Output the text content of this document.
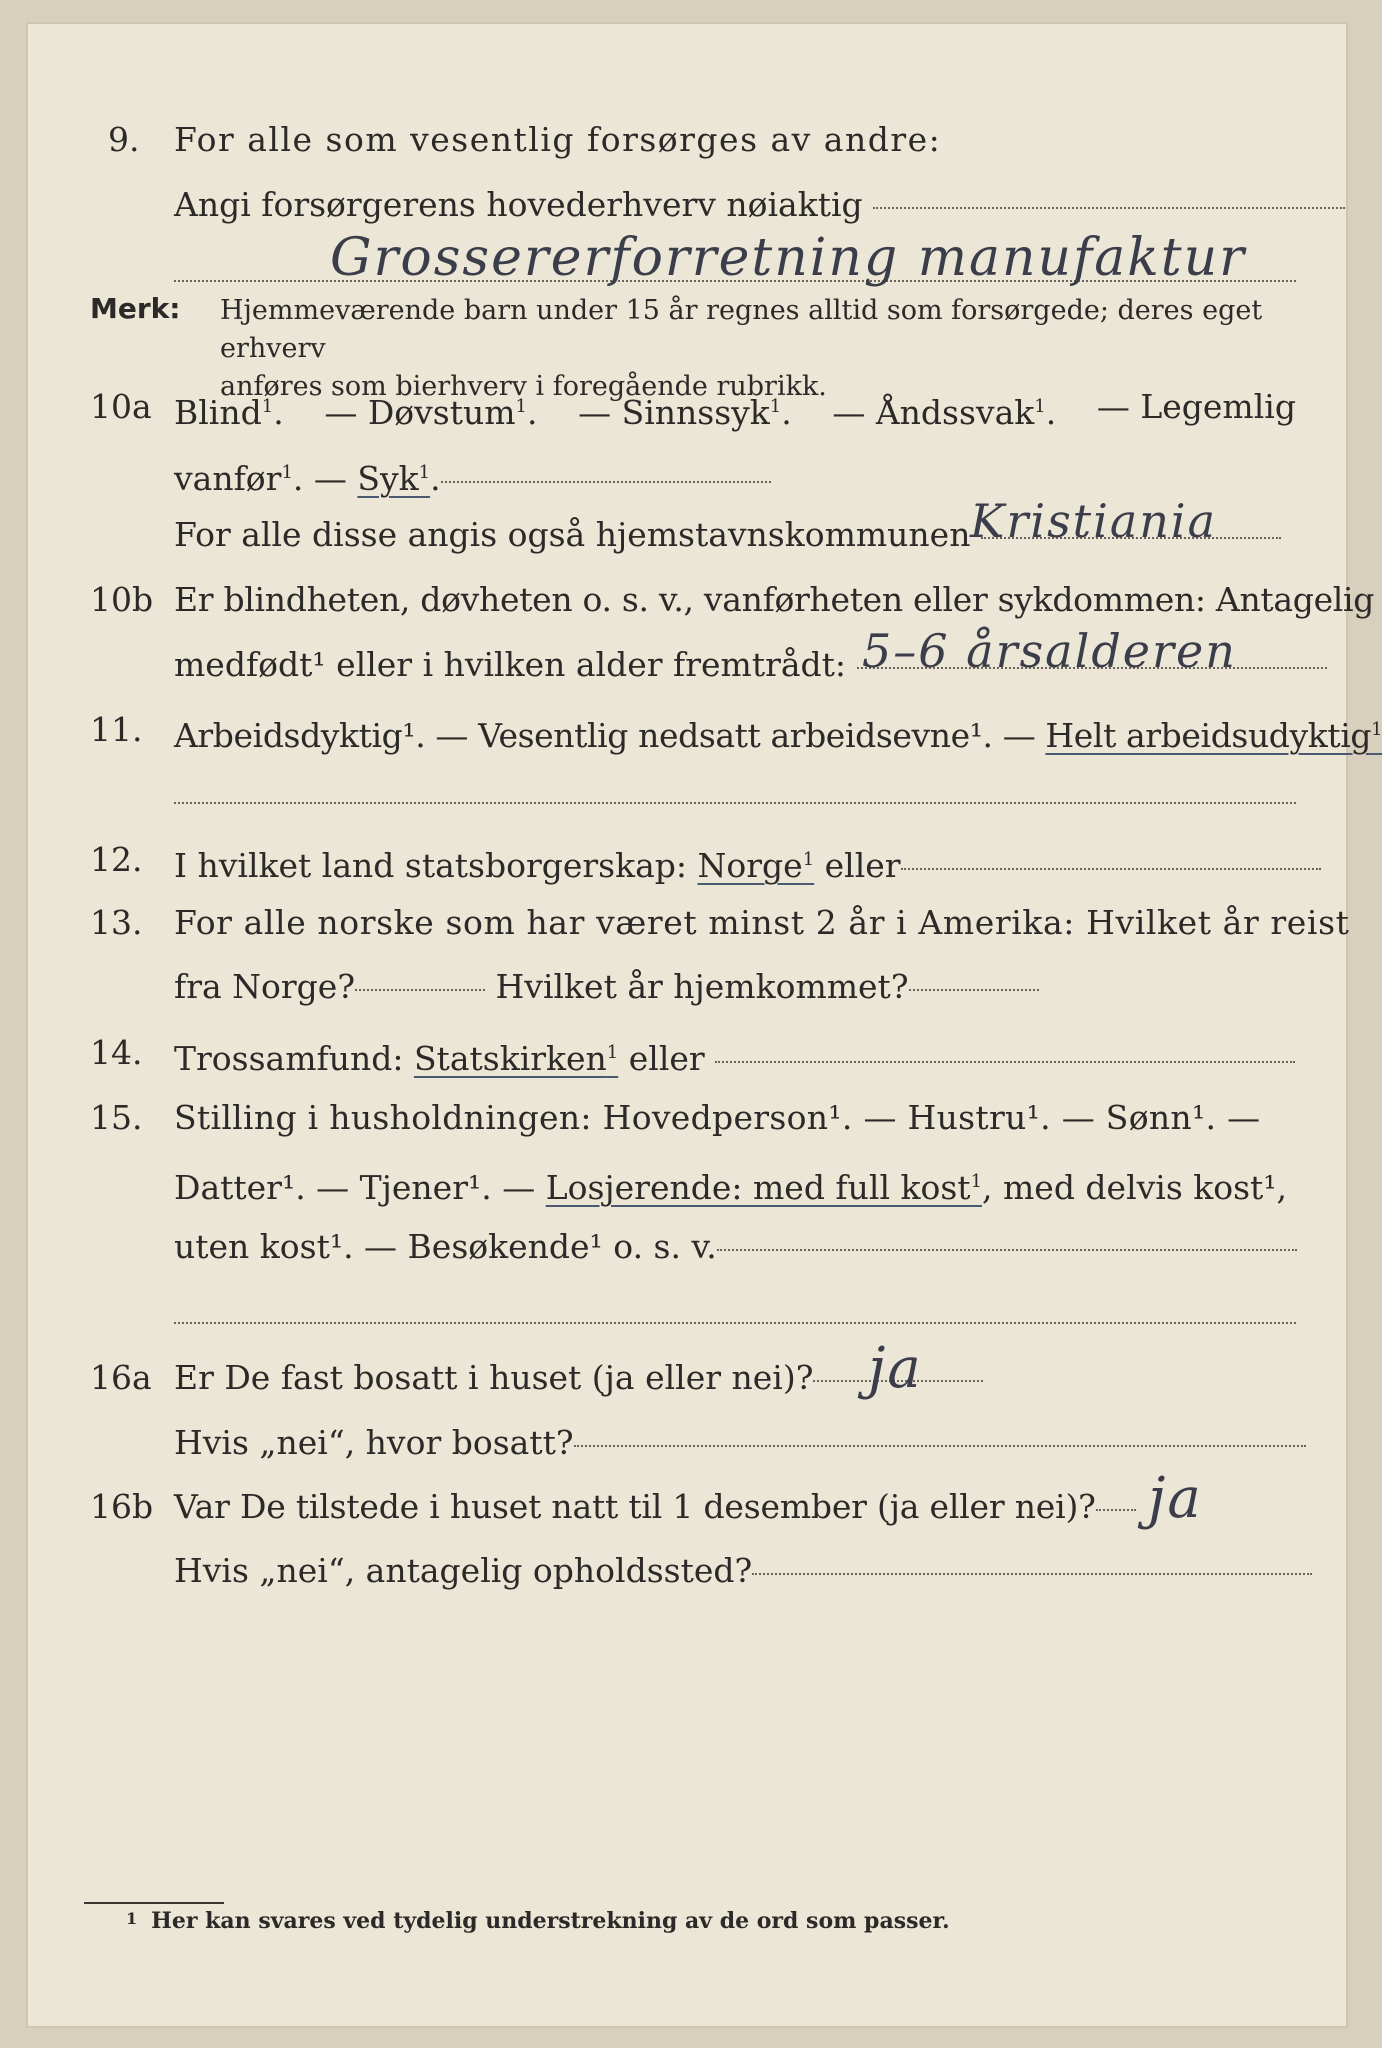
9.	For alle som vesentlig forsørges av andre:
Angi forsørgerens hovederhverv nøiaktig
Grossererforretning manufaktur
Merk: Hjemmeværende barn under 15 år regnes alltid som forsørgede; deres eget erhverv
anføres som bierhverv i foregående rubrikk.
10a Blind$^1$. — Døvstum$^1$. — Sinnssyk$^1$. — Åndssvak$^1$. — Legemlig
vanfør$^1$. — Syk$^1$.
For alle disse angis også hjemstavnskommunen Kristiania
10b Er blindheten, døvheten o. s. v., vanførheten eller sykdommen: Antagelig
medfødt¹ eller i hvilken alder fremtrådt: 5–6 årsalderen
11. Arbeidsdyktig¹. — Vesentlig nedsatt arbeidsevne¹. — Helt arbeidsudyktig$^1$
12. I hvilket land statsborgerskap: Norge$^1$ eller
13. For alle norske som har været minst 2 år i Amerika: Hvilket år reist
fra Norge?	Hvilket år hjemkommet?
14. Trossamfund: Statskirken$^1$ eller
15. Stilling i husholdningen: Hovedperson¹. — Hustru¹. — Sønn¹. —
Datter¹. — Tjener¹. — Losjerende: med full kost$^1$, med delvis kost¹,
uten kost¹. — Besøkende¹ o. s. v.
16a Er De fast bosatt i huset (ja eller nei)? ja
Hvis „nei“, hvor bosatt?
16b Var De tilstede i huset natt til 1 desember (ja eller nei)? ja
Hvis „nei“, antagelig opholdssted?
1 Her kan svares ved tydelig understrekning av de ord som passer.
